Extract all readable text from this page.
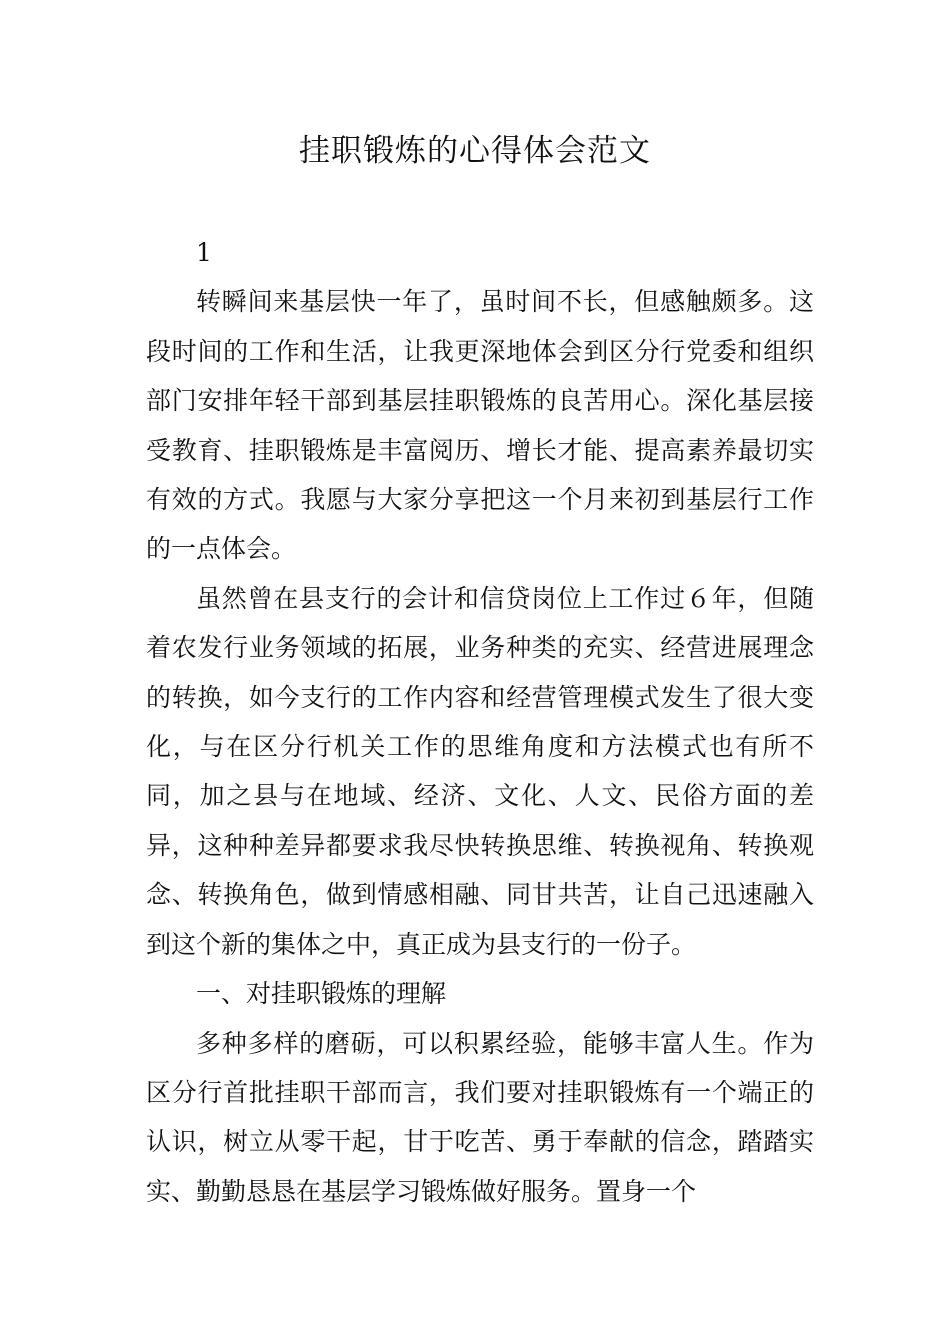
挂职锻炼的心得体会范文

1

转瞬间来基层快一年了，虽时间不长，但感触颇多。这段时间的工作和生活，让我更深地体会到区分行党委和组织部门安排年轻干部到基层挂职锻炼的良苦用心。深化基层接受教育、挂职锻炼是丰富阅历、增长才能、提高素养最切实有效的方式。我愿与大家分享把这一个月来初到基层行工作的一点体会。

虽然曾在县支行的会计和信贷岗位上工作过６年，但随着农发行业务领域的拓展，业务种类的充实、经营进展理念的转换，如今支行的工作内容和经营管理模式发生了很大变化，与在区分行机关工作的思维角度和方法模式也有所不同，加之县与在地域、经济、文化、人文、民俗方面的差异，这种种差异都要求我尽快转换思维、转换视角、转换观念、转换角色，做到情感相融、同甘共苦，让自己迅速融入到这个新的集体之中，真正成为县支行的一份子。

一、对挂职锻炼的理解

多种多样的磨砺，可以积累经验，能够丰富人生。作为区分行首批挂职干部而言，我们要对挂职锻炼有一个端正的认识，树立从零干起，甘于吃苦、勇于奉献的信念，踏踏实实、勤勤恳恳在基层学习锻炼做好服务。置身一个
